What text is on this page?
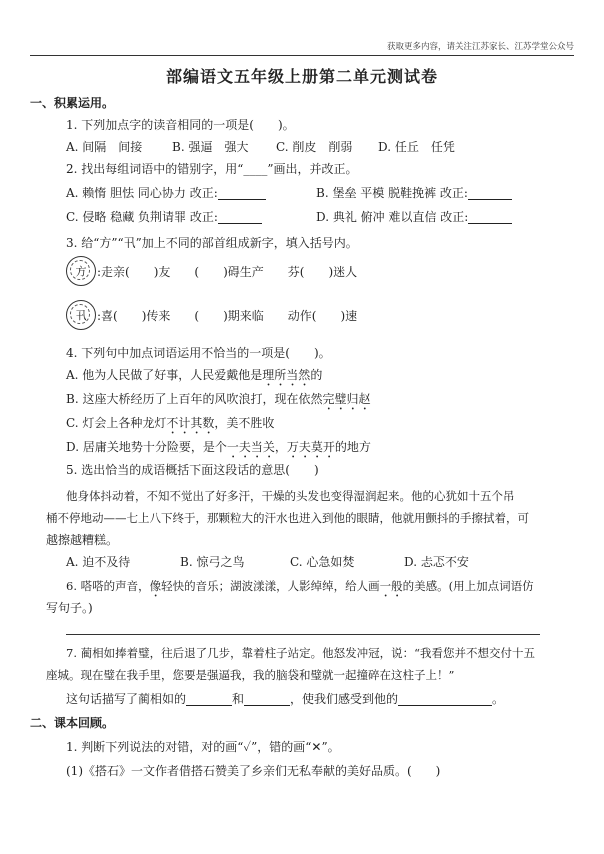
获取更多内容，请关注江苏家长、江苏学堂公众号
部编语文五年级上册第二单元测试卷
一、积累运用。
1. 下列加点字的读音相同的一项是(　　)。
A. 间隔　间接 B. 强逼　强大 C. 削皮　削弱 D. 任丘　任凭
2. 找出每组词语中的错别字，用“____”画出，并改正。
A. 赖惰 胆怯 同心协力 改正:	B. 堡垒 平模 脱鞋挽裤 改正:
C. 侵略 稳藏 负荆请罪 改正:	D. 典礼 俯冲 难以直信 改正:
3. 给“方”“卂”加上不同的部首组成新字，填入括号内。
方 :走亲(　　)友　　(　　)碍生产　　芬(　　)迷人
卂 :喜(　　)传来　　(　　)期来临　　动作(　　)速
4. 下列句中加点词语运用不恰当的一项是(　　)。
A. 他为人民做了好事，人民爱戴他是理所当然的
B. 这座大桥经历了上百年的风吹浪打，现在依然完璧归赵
C. 灯会上各种龙灯不计其数，美不胜收
D. 居庸关地势十分险要，是个一夫当关，万夫莫开的地方
5. 选出恰当的成语概括下面这段话的意思(　　)
他身体抖动着，不知不觉出了好多汗，干燥的头发也变得湿润起来。他的心犹如十五个吊
桶不停地动——七上八下终于，那颗粒大的汗水也进入到他的眼睛，他就用颤抖的手擦拭着，可
越擦越糟糕。
A. 迫不及待	B. 惊弓之鸟	C. 心急如焚	D. 忐忑不安
6. 嗒嗒的声音，像轻快的音乐；湖波漾漾，人影绰绰，给人画一般的美感。(用上加点词语仿
写句子。)
7. 蔺相如捧着璧，往后退了几步，靠着柱子站定。他怒发冲冠，说：“我看您并不想交付十五
座城。现在璧在我手里，您要是强逼我，我的脑袋和璧就一起撞碎在这柱子上！”
这句话描写了蔺相如的	和	，使我们感受到他的	。
二、课本回顾。
1. 判断下列说法的对错，对的画“✓”，错的画“✕”。
(1)《搭石》一文作者借搭石赞美了乡亲们无私奉献的美好品质。(　　)
